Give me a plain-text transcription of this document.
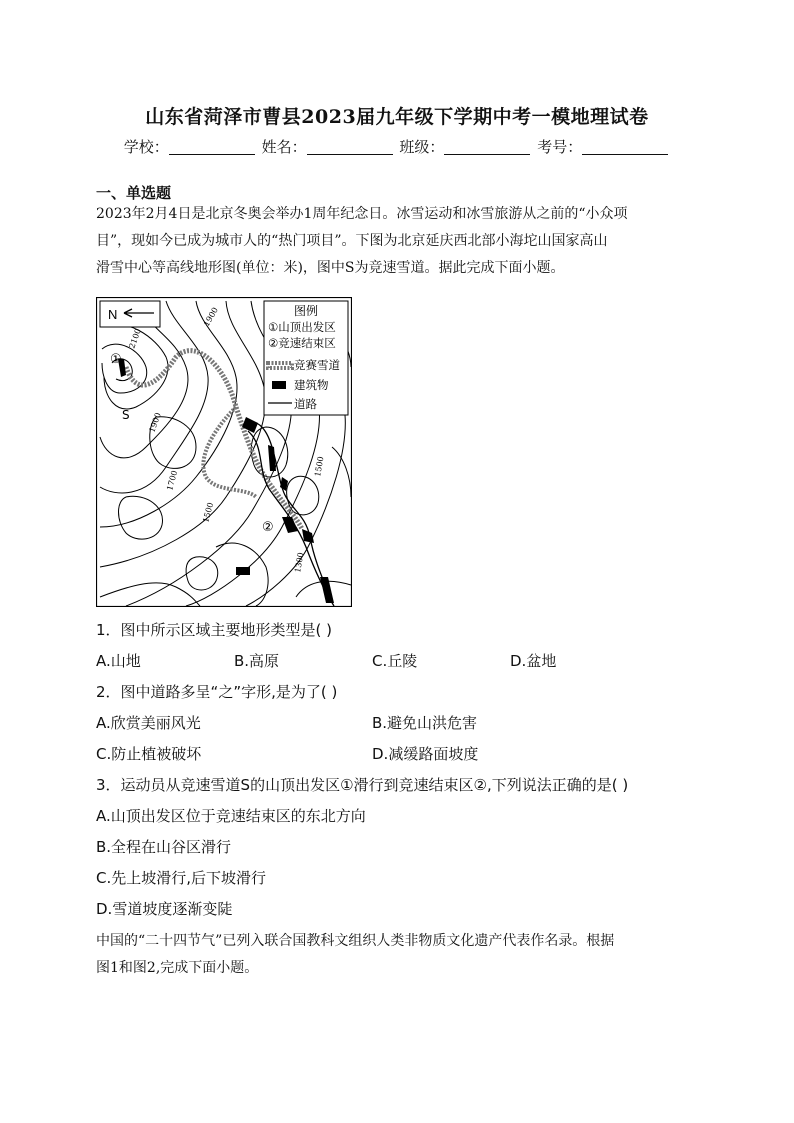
山东省菏泽市曹县2023届九年级下学期中考一模地理试卷
学校：	姓名：	班级：	考号：
一、单选题
2023年2月4日是北京冬奥会举办1周年纪念日。冰雪运动和冰雪旅游从之前的“小众项
目”，现如今已成为城市人的“热门项目”。下图为北京延庆西北部小海坨山国家高山
滑雪中心等高线地形图(单位：米)，图中S为竞速雪道。据此完成下面小题。
N	图例
①山顶出发区
②竞速结束区
竞赛雪道
建筑物
道路
①
②
S
2100
1900
1900
1700
1500
1500
1300
1．图中所示区域主要地形类型是( )
A.山地	B.高原	C.丘陵	D.盆地
2．图中道路多呈“之”字形,是为了( )
A.欣赏美丽风光	B.避免山洪危害
C.防止植被破坏	D.减缓路面坡度
3．运动员从竞速雪道S的山顶出发区①滑行到竞速结束区②,下列说法正确的是( )
A.山顶出发区位于竞速结束区的东北方向
B.全程在山谷区滑行
C.先上坡滑行,后下坡滑行
D.雪道坡度逐渐变陡
中国的“二十四节气”已列入联合国教科文组织人类非物质文化遗产代表作名录。根据
图1和图2,完成下面小题。
